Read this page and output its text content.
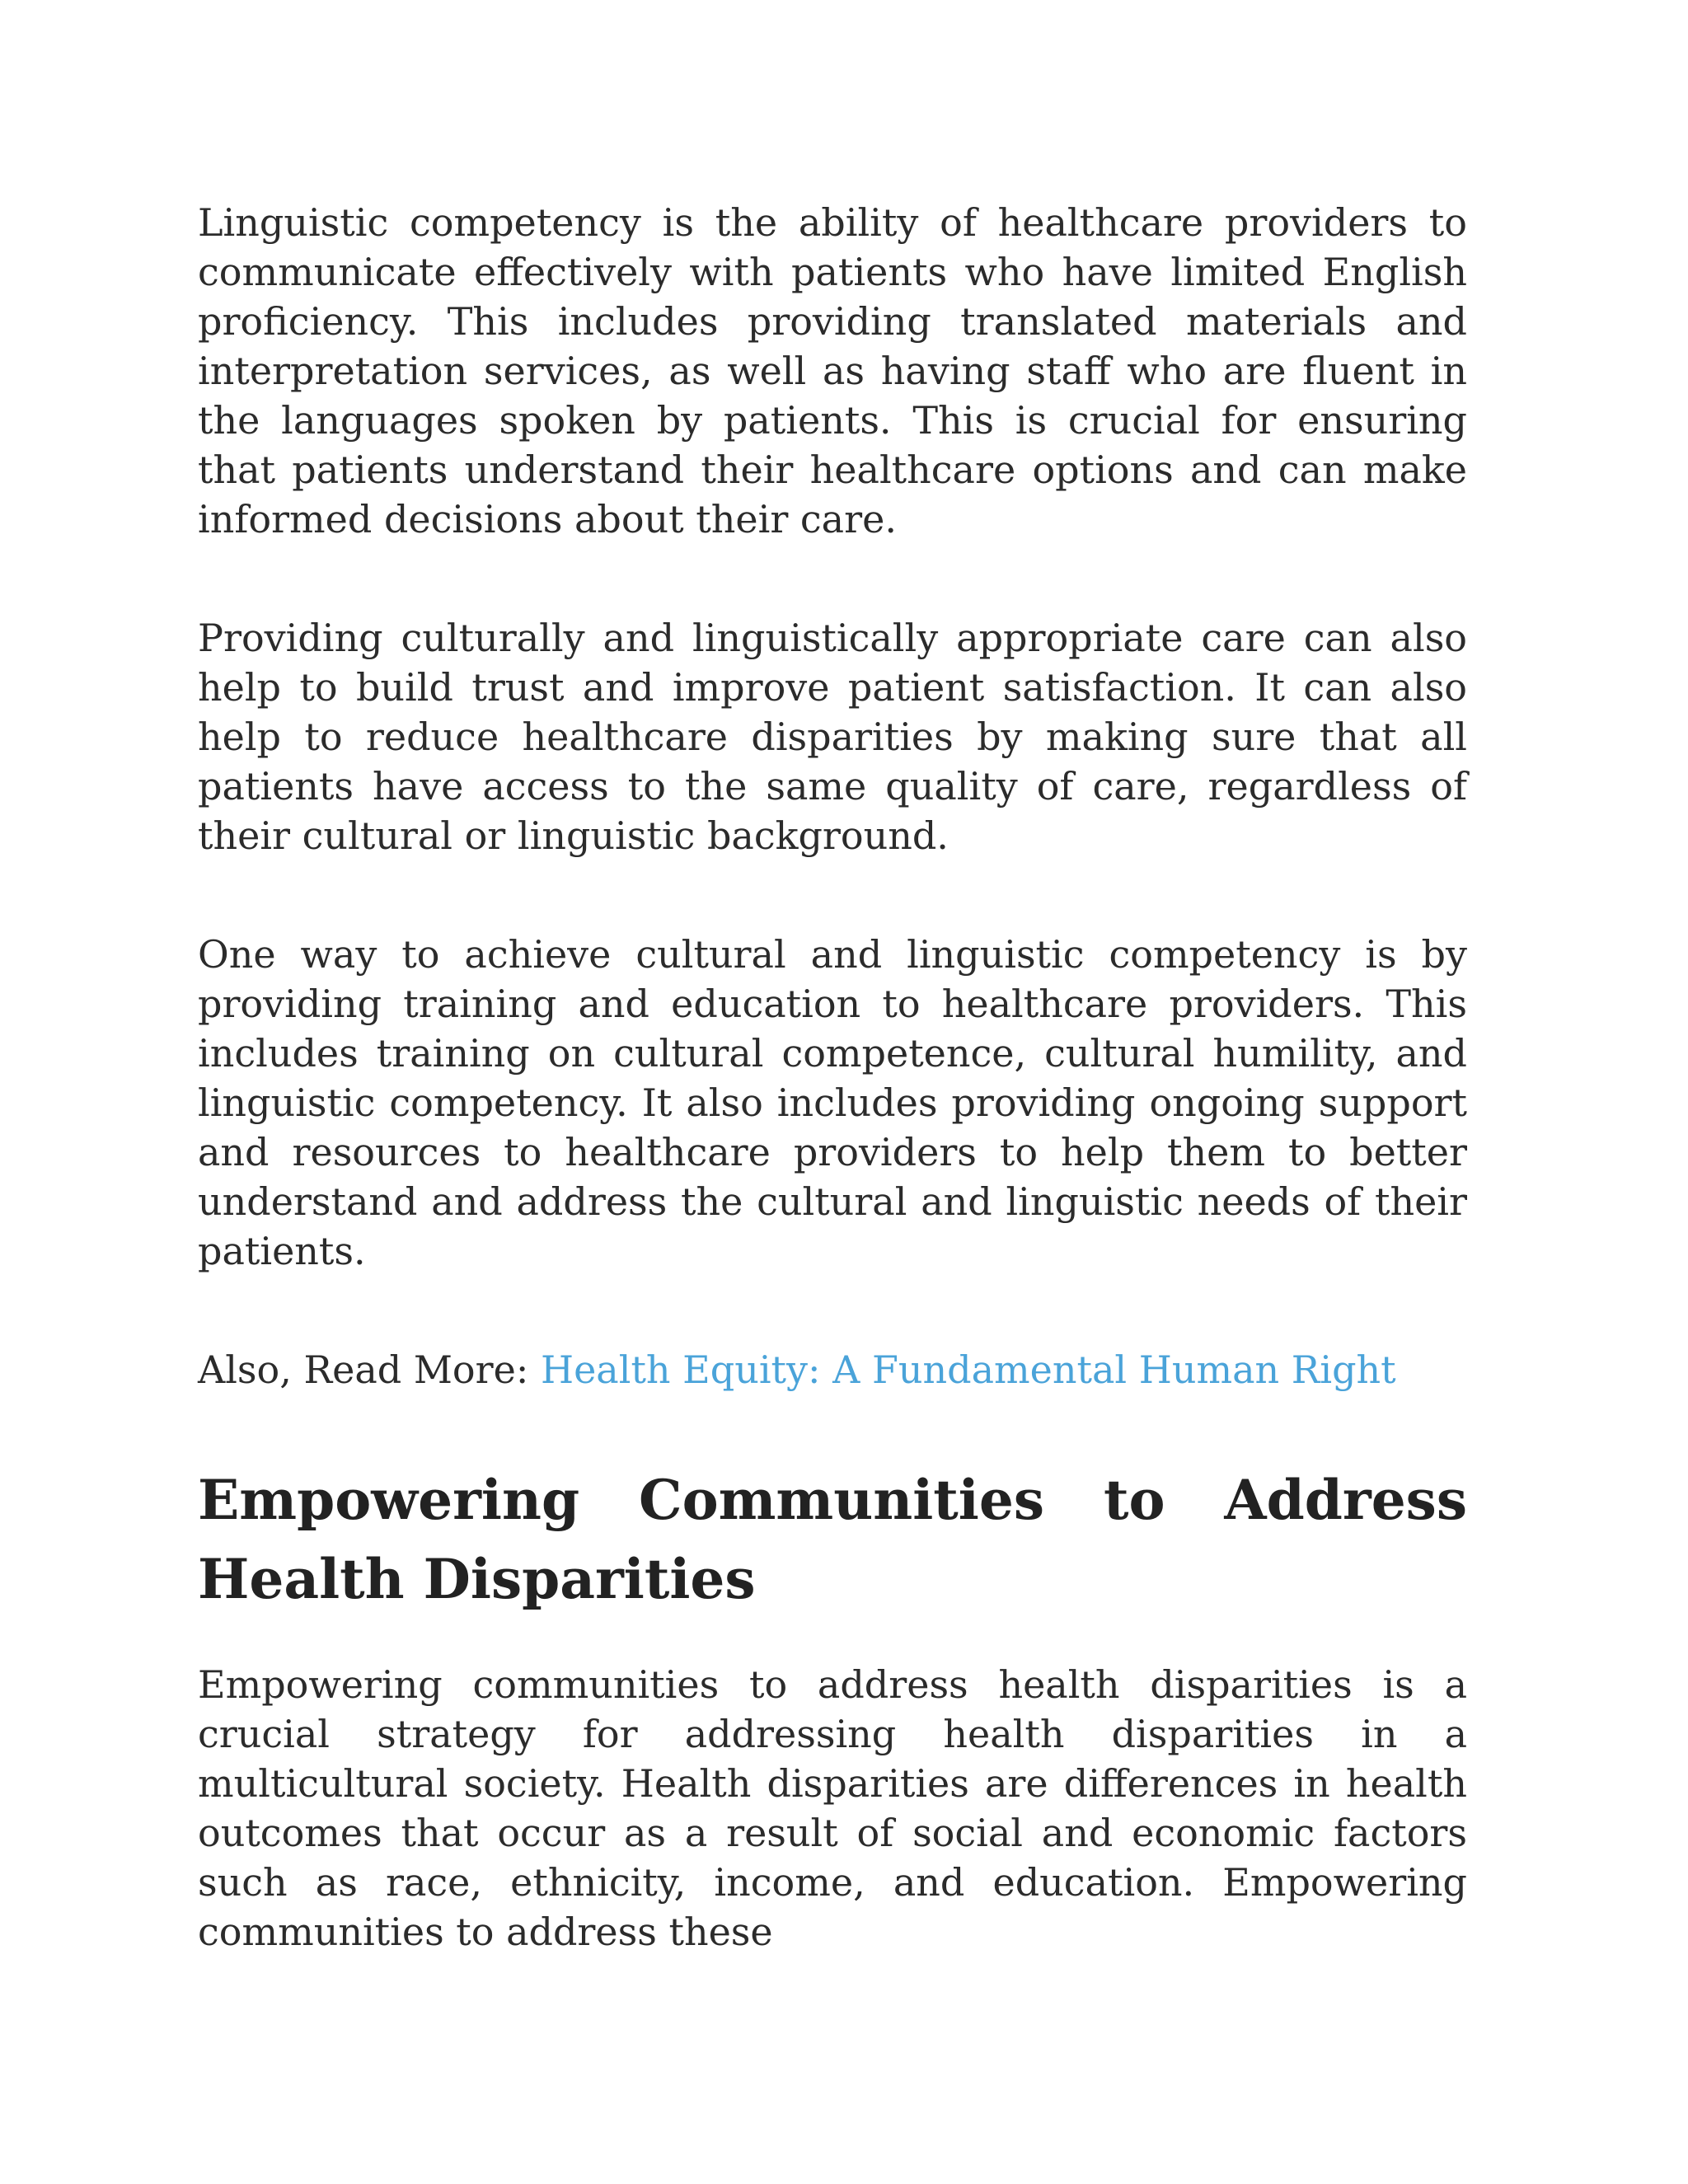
Linguistic competency is the ability of healthcare providers to communicate effectively with patients who have limited English proficiency. This includes providing translated materials and interpretation services, as well as having staff who are fluent in the languages spoken by patients. This is crucial for ensuring that patients understand their healthcare options and can make informed decisions about their care.

Providing culturally and linguistically appropriate care can also help to build trust and improve patient satisfaction. It can also help to reduce healthcare disparities by making sure that all patients have access to the same quality of care, regardless of their cultural or linguistic background.

One way to achieve cultural and linguistic competency is by providing training and education to healthcare providers. This includes training on cultural competence, cultural humility, and linguistic competency. It also includes providing ongoing support and resources to healthcare providers to help them to better understand and address the cultural and linguistic needs of their patients.

Also, Read More: Health Equity: A Fundamental Human Right

Empowering Communities to Address Health Disparities

Empowering communities to address health disparities is a crucial strategy for addressing health disparities in a multicultural society. Health disparities are differences in health outcomes that occur as a result of social and economic factors such as race, ethnicity, income, and education. Empowering communities to address these
